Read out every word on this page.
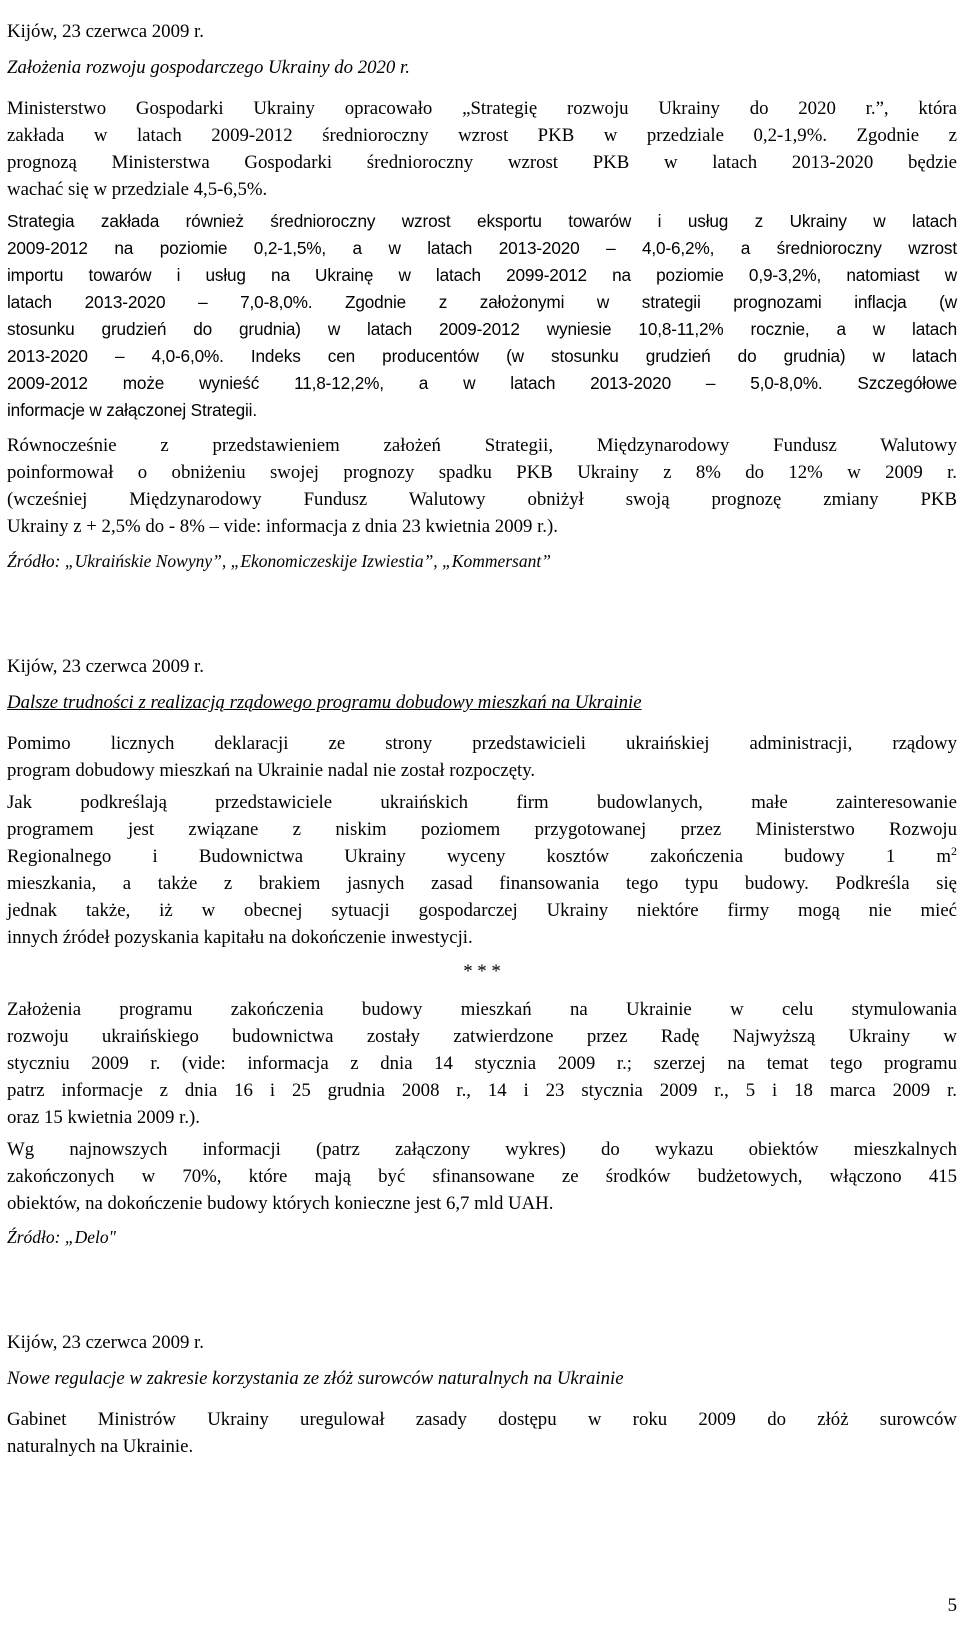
Kijów, 23 czerwca 2009 r.
Założenia rozwoju gospodarczego Ukrainy do 2020 r.
Ministerstwo Gospodarki Ukrainy opracowało „Strategię rozwoju Ukrainy do 2020 r.”, która
zakłada w latach 2009-2012 średnioroczny wzrost PKB w przedziale 0,2-1,9%. Zgodnie z
prognozą Ministerstwa Gospodarki średnioroczny wzrost PKB w latach 2013-2020 będzie
wachać się w przedziale 4,5-6,5%.
Strategia zakłada również średnioroczny wzrost eksportu towarów i usług z Ukrainy w latach
2009-2012 na poziomie 0,2-1,5%, a w latach 2013-2020 – 4,0-6,2%, a średnioroczny wzrost
importu towarów i usług na Ukrainę w latach 2099-2012 na poziomie 0,9-3,2%, natomiast w
latach 2013-2020 – 7,0-8,0%. Zgodnie z założonymi w strategii prognozami inflacja (w
stosunku grudzień do grudnia) w latach 2009-2012 wyniesie 10,8-11,2% rocznie, a w latach
2013-2020 – 4,0-6,0%. Indeks cen producentów (w stosunku grudzień do grudnia) w latach
2009-2012 może wynieść 11,8-12,2%, a w latach 2013-2020 – 5,0-8,0%. Szczegółowe
informacje w załączonej Strategii.
Równocześnie z przedstawieniem założeń Strategii, Międzynarodowy Fundusz Walutowy
poinformował o obniżeniu swojej prognozy spadku PKB Ukrainy z 8% do 12% w 2009 r.
(wcześniej Międzynarodowy Fundusz Walutowy obniżył swoją prognozę zmiany PKB
Ukrainy z + 2,5% do - 8% – vide: informacja z dnia 23 kwietnia 2009 r.).
Źródło: „Ukraińskie Nowyny”, „Ekonomiczeskije Izwiestia”, „Kommersant”
Kijów, 23 czerwca 2009 r.
Dalsze trudności z realizacją rządowego programu dobudowy mieszkań na Ukrainie
Pomimo licznych deklaracji ze strony przedstawicieli ukraińskiej administracji, rządowy
program dobudowy mieszkań na Ukrainie nadal nie został rozpoczęty.
Jak podkreślają przedstawiciele ukraińskich firm budowlanych, małe zainteresowanie
programem jest związane z niskim poziomem przygotowanej przez Ministerstwo Rozwoju
Regionalnego i Budownictwa Ukrainy wyceny kosztów zakończenia budowy 1 $m^2$
mieszkania, a także z brakiem jasnych zasad finansowania tego typu budowy. Podkreśla się
jednak także, iż w obecnej sytuacji gospodarczej Ukrainy niektóre firmy mogą nie mieć
innych źródeł pozyskania kapitału na dokończenie inwestycji.
* * *
Założenia programu zakończenia budowy mieszkań na Ukrainie w celu stymulowania
rozwoju ukraińskiego budownictwa zostały zatwierdzone przez Radę Najwyższą Ukrainy w
styczniu 2009 r. (vide: informacja z dnia 14 stycznia 2009 r.; szerzej na temat tego programu
patrz informacje z dnia 16 i 25 grudnia 2008 r., 14 i 23 stycznia 2009 r., 5 i 18 marca 2009 r.
oraz 15 kwietnia 2009 r.).
Wg najnowszych informacji (patrz załączony wykres) do wykazu obiektów mieszkalnych
zakończonych w 70%, które mają być sfinansowane ze środków budżetowych, włączono 415
obiektów, na dokończenie budowy których konieczne jest 6,7 mld UAH.
Źródło: „Delo"
Kijów, 23 czerwca 2009 r.
Nowe regulacje w zakresie korzystania ze złóż surowców naturalnych na Ukrainie
Gabinet Ministrów Ukrainy uregulował zasady dostępu w roku 2009 do złóż surowców
naturalnych na Ukrainie.
5
